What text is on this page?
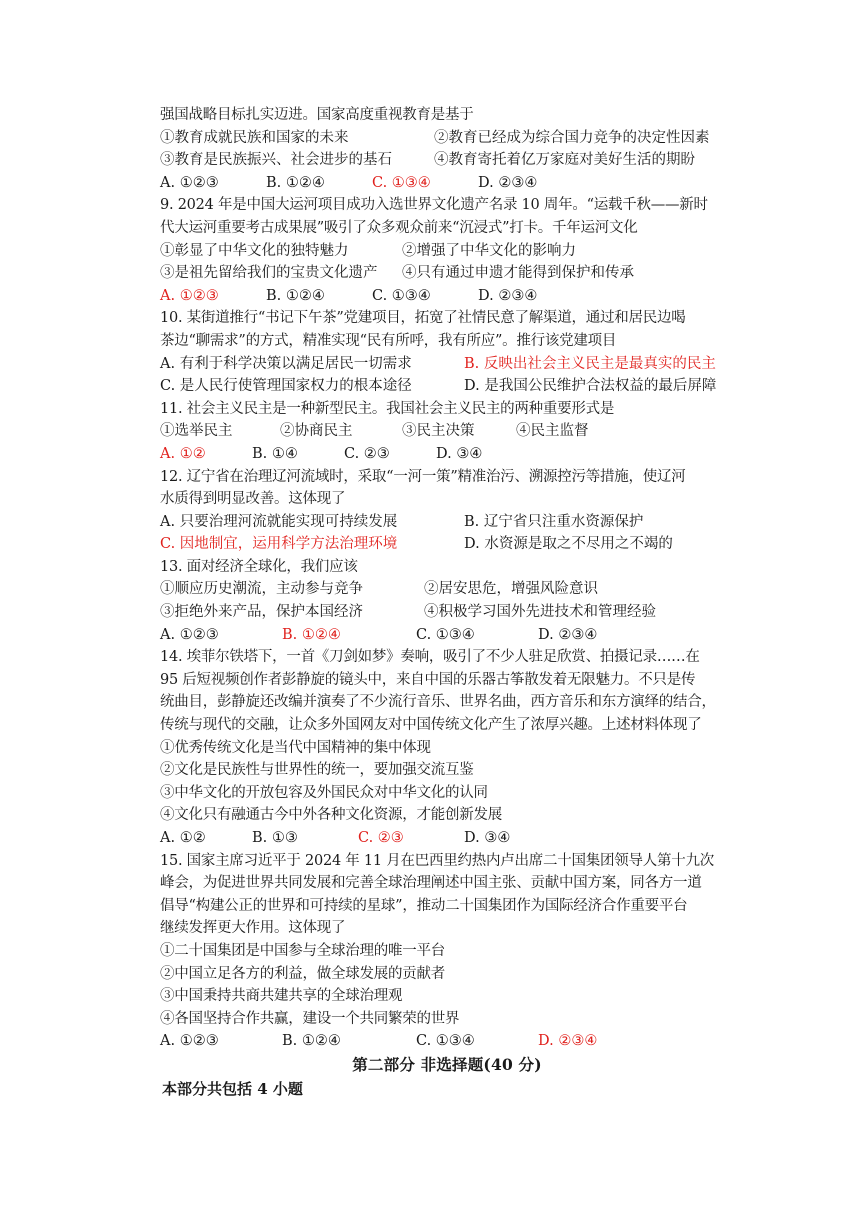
强国战略目标扎实迈进。国家高度重视教育是基于
①教育成就民族和国家的未来	②教育已经成为综合国力竞争的决定性因素
③教育是民族振兴、社会进步的基石	④教育寄托着亿万家庭对美好生活的期盼
A. ①②③	B. ①②④	C. ①③④	D. ②③④
9. 2024 年是中国大运河项目成功入选世界文化遗产名录 10 周年。“运载千秋——新时
代大运河重要考古成果展”吸引了众多观众前来“沉浸式”打卡。千年运河文化
①彰显了中华文化的独特魅力	②增强了中华文化的影响力
③是祖先留给我们的宝贵文化遗产 ④只有通过申遗才能得到保护和传承
A. ①②③	B. ①②④	C. ①③④	D. ②③④
10. 某街道推行“书记下午茶”党建项目，拓宽了社情民意了解渠道，通过和居民边喝
茶边“聊需求”的方式，精准实现“民有所呼，我有所应”。推行该党建项目
A. 有利于科学决策以满足居民一切需求	B. 反映出社会主义民主是最真实的民主
C. 是人民行使管理国家权力的根本途径	D. 是我国公民维护合法权益的最后屏障
11. 社会主义民主是一种新型民主。我国社会主义民主的两种重要形式是
①选举民主	②协商民主	③民主决策	④民主监督
A. ①②	B. ①④	C. ②③	D. ③④
12. 辽宁省在治理辽河流域时，采取“一河一策”精准治污、溯源控污等措施，使辽河
水质得到明显改善。这体现了
A. 只要治理河流就能实现可持续发展	B. 辽宁省只注重水资源保护
C. 因地制宜，运用科学方法治理环境	D. 水资源是取之不尽用之不竭的
13. 面对经济全球化，我们应该
①顺应历史潮流，主动参与竞争	②居安思危，增强风险意识
③拒绝外来产品，保护本国经济	④积极学习国外先进技术和管理经验
A. ①②③	B. ①②④	C. ①③④	D. ②③④
14. 埃菲尔铁塔下，一首《刀剑如梦》奏响，吸引了不少人驻足欣赏、拍摄记录……在
95 后短视频创作者彭静旋的镜头中，来自中国的乐器古筝散发着无限魅力。不只是传
统曲目，彭静旋还改编并演奏了不少流行音乐、世界名曲，西方音乐和东方演绎的结合，
传统与现代的交融，让众多外国网友对中国传统文化产生了浓厚兴趣。上述材料体现了
①优秀传统文化是当代中国精神的集中体现
②文化是民族性与世界性的统一，要加强交流互鉴
③中华文化的开放包容及外国民众对中华文化的认同
④文化只有融通古今中外各种文化资源，才能创新发展
A. ①②	B. ①③	C. ②③	D. ③④
15. 国家主席习近平于 2024 年 11 月在巴西里约热内卢出席二十国集团领导人第十九次
峰会，为促进世界共同发展和完善全球治理阐述中国主张、贡献中国方案，同各方一道
倡导“构建公正的世界和可持续的星球”，推动二十国集团作为国际经济合作重要平台
继续发挥更大作用。这体现了
①二十国集团是中国参与全球治理的唯一平台
②中国立足各方的利益，做全球发展的贡献者
③中国秉持共商共建共享的全球治理观
④各国坚持合作共赢，建设一个共同繁荣的世界
A. ①②③	B. ①②④	C. ①③④	D. ②③④
第二部分 非选择题(40 分)
本部分共包括 4 小题
